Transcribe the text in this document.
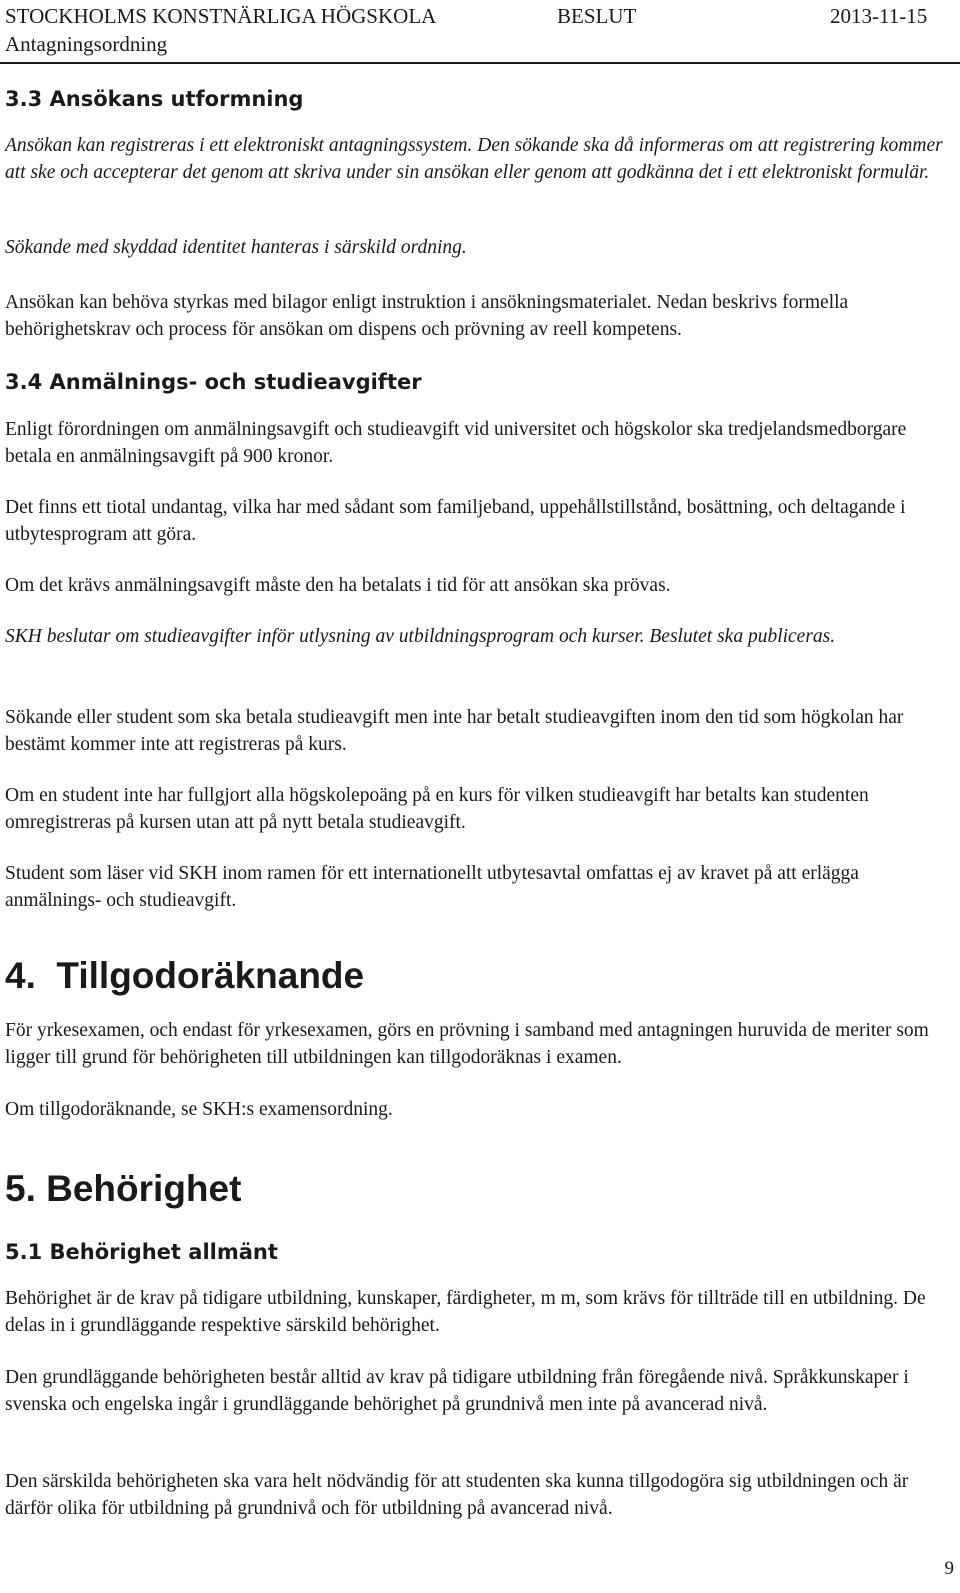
STOCKHOLMS KONSTNÄRLIGA HÖGSKOLA	BESLUT	2013-11-15
Antagningsordning
3.3 Ansökans utformning

Ansökan kan registreras i ett elektroniskt antagningssystem. Den sökande ska då informeras om att registrering kommer att ske och accepterar det genom att skriva under sin ansökan eller genom att godkänna det i ett elektroniskt formulär.

Sökande med skyddad identitet hanteras i särskild ordning.

Ansökan kan behöva styrkas med bilagor enligt instruktion i ansökningsmaterialet. Nedan beskrivs formella behörighetskrav och process för ansökan om dispens och prövning av reell kompetens.

3.4 Anmälnings- och studieavgifter

Enligt förordningen om anmälningsavgift och studieavgift vid universitet och högskolor ska tredjelandsmedborgare betala en anmälningsavgift på 900 kronor.

Det finns ett tiotal undantag, vilka har med sådant som familjeband, uppehållstillstånd, bosättning, och deltagande i utbytesprogram att göra.

Om det krävs anmälningsavgift måste den ha betalats i tid för att ansökan ska prövas.

SKH beslutar om studieavgifter inför utlysning av utbildningsprogram och kurser. Beslutet ska publiceras.

Sökande eller student som ska betala studieavgift men inte har betalt studieavgiften inom den tid som högkolan har bestämt kommer inte att registreras på kurs.

Om en student inte har fullgjort alla högskolepoäng på en kurs för vilken studieavgift har betalts kan studenten omregistreras på kursen utan att på nytt betala studieavgift.

Student som läser vid SKH inom ramen för ett internationellt utbytesavtal omfattas ej av kravet på att erlägga anmälnings- och studieavgift.

4.  Tillgodoräknande

För yrkesexamen, och endast för yrkesexamen, görs en prövning i samband med antagningen huruvida de meriter som ligger till grund för behörigheten till utbildningen kan tillgodoräknas i examen.

Om tillgodoräknande, se SKH:s examensordning.

5. Behörighet
5.1 Behörighet allmänt

Behörighet är de krav på tidigare utbildning, kunskaper, färdigheter, m m, som krävs för tillträde till en utbildning. De delas in i grundläggande respektive särskild behörighet.

Den grundläggande behörigheten består alltid av krav på tidigare utbildning från föregående nivå. Språkkunskaper i svenska och engelska ingår i grundläggande behörighet på grundnivå men inte på avancerad nivå.

Den särskilda behörigheten ska vara helt nödvändig för att studenten ska kunna tillgodogöra sig utbildningen och är därför olika för utbildning på grundnivå och för utbildning på avancerad nivå.

9
